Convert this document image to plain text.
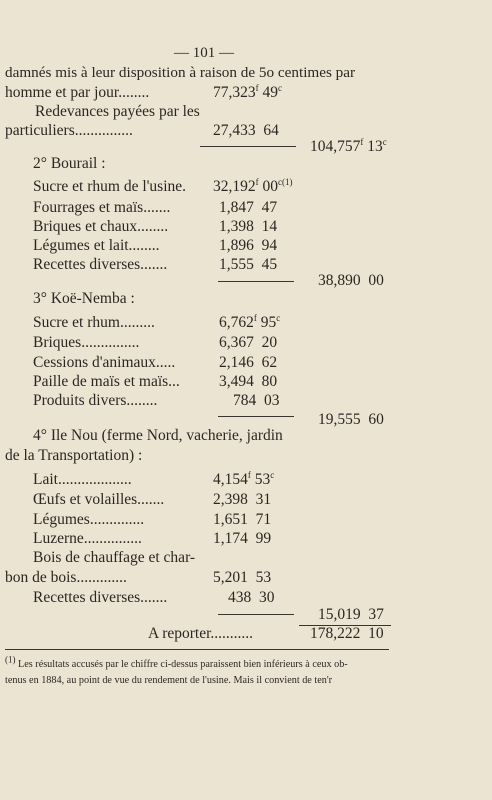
— 101 —
damnés mis à leur disposition à raison de 5o centimes par
homme et par jour........	77,323$^f$ 49$^c$
Redevances payées par les
particuliers...............	27,433  64
104,757$^f$ 13$^c$
2° Bourail :
Sucre et rhum de l'usine. 32,192$^f$ $00^{c(1)}$
Fourrages et maïs.......	1,847  47
Briques et chaux........	1,398  14
Légumes et lait........	1,896  94
Recettes diverses.......	1,555  45
38,890  00
3° Koë-Nemba :
Sucre et rhum.........	6,762$^f$ 95$^c$
Briques...............	6,367  20
Cessions d'animaux.....	2,146  62
Paille de maïs et maïs...	3,494  80
Produits divers........	784  03
19,555  60
4° Ile Nou (ferme Nord, vacherie, jardin
de la Transportation) :
Lait...................	4,154$^f$ 53$^c$
Œufs et volailles.......	2,398  31
Légumes..............	1,651  71
Luzerne...............	1,174  99
Bois de chauffage et char-
bon de bois.............	5,201  53
Recettes diverses.......	438  30
15,019  37
A reporter...........	178,222  10
(1) Les résultats accusés par le chiffre ci-dessus paraissent bien inférieurs à ceux ob-
tenus en 1884, au point de vue du rendement de l'usine. Mais il convient de ten'r
